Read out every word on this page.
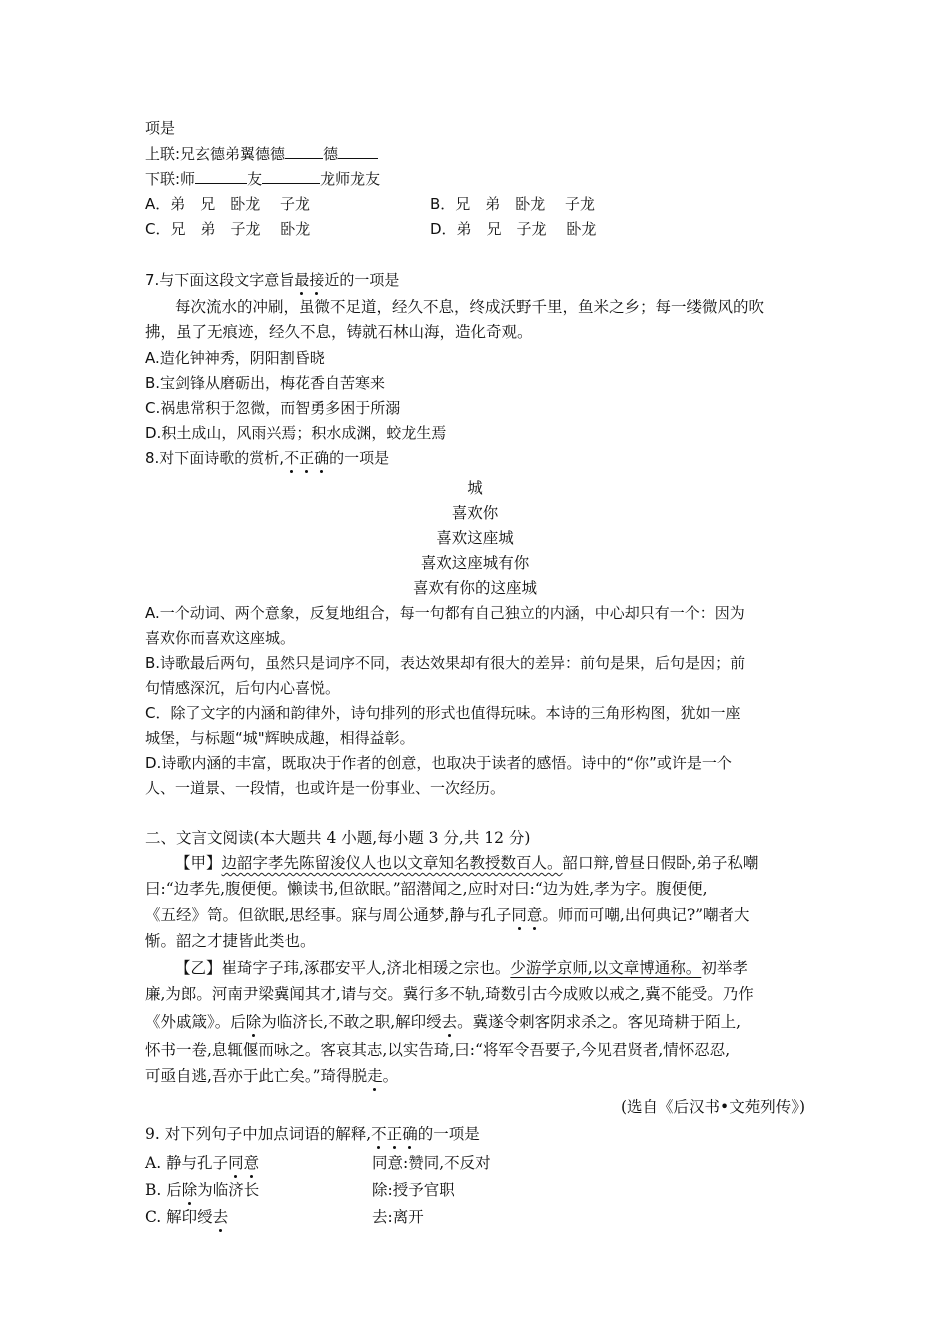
项是
上联:兄玄德弟翼德德	德
下联:师	友	龙师龙友
A．弟　兄　卧龙　 子龙	B．兄　弟　卧龙　 子龙
C．兄　弟　子龙　 卧龙	D．弟　兄　子龙　 卧龙
7.与下面这段文字意旨最接近的一项是
每次流水的冲刷，虽微不足道，经久不息，终成沃野千里，鱼米之乡；每一缕微风的吹
拂，虽了无痕迹，经久不息，铸就石林山海，造化奇观。
A.造化钟神秀，阴阳割昏晓
B.宝剑锋从磨砺出，梅花香自苦寒来
C.祸患常积于忽微，而智勇多困于所溺
D.积土成山，风雨兴焉；积水成渊，蛟龙生焉
8.对下面诗歌的赏析,不正确的一项是
城
喜欢你
喜欢这座城
喜欢这座城有你
喜欢有你的这座城
A.一个动词、两个意象，反复地组合，每一句都有自己独立的内涵，中心却只有一个：因为
喜欢你而喜欢这座城。
B.诗歌最后两句，虽然只是词序不同，表达效果却有很大的差异：前句是果，后句是因；前
句情感深沉，后句内心喜悦。
C．除了文字的内涵和韵律外，诗句排列的形式也值得玩味。本诗的三角形构图，犹如一座
城堡，与标题“城"辉映成趣，相得益彰。
D.诗歌内涵的丰富，既取决于作者的创意，也取决于读者的感悟。诗中的“你”或许是一个
人、一道景、一段情，也或许是一份事业、一次经历。
二、文言文阅读(本大题共 4 小题,每小题 3 分,共 12 分)
【甲】边韶字孝先陈留浚仪人也以文章知名教授数百人。韶口辩,曾昼日假卧,弟子私嘲
曰:“边孝先,腹便便。懒读书,但欲眠。”韶潜闻之,应时对曰:“边为姓,孝为字。腹便便,
《五经》笥。但欲眠,思经事。寐与周公通梦,静与孔子同意。师而可嘲,出何典记?”嘲者大
惭。韶之才捷皆此类也。
【乙】崔琦字子玮,涿郡安平人,济北相瑗之宗也。少游学京师,以文章博通称。初举孝
廉,为郎。河南尹梁冀闻其才,请与交。冀行多不轨,琦数引古今成败以戒之,冀不能受。乃作
《外戚箴》。后除为临济长,不敢之职,解印绶去。冀遂令刺客阴求杀之。客见琦耕于陌上,
怀书一卷,息辄偃而咏之。客哀其志,以实告琦,曰:“将军令吾要子,今见君贤者,情怀忍忍,
可亟自逃,吾亦于此亡矣。”琦得脱走。
(选自《后汉书•文苑列传》)
9. 对下列句子中加点词语的解释,不正确的一项是
A. 静与孔子同意	同意:赞同,不反对
B. 后除为临济长	除:授予官职
C. 解印绶去	去:离开
